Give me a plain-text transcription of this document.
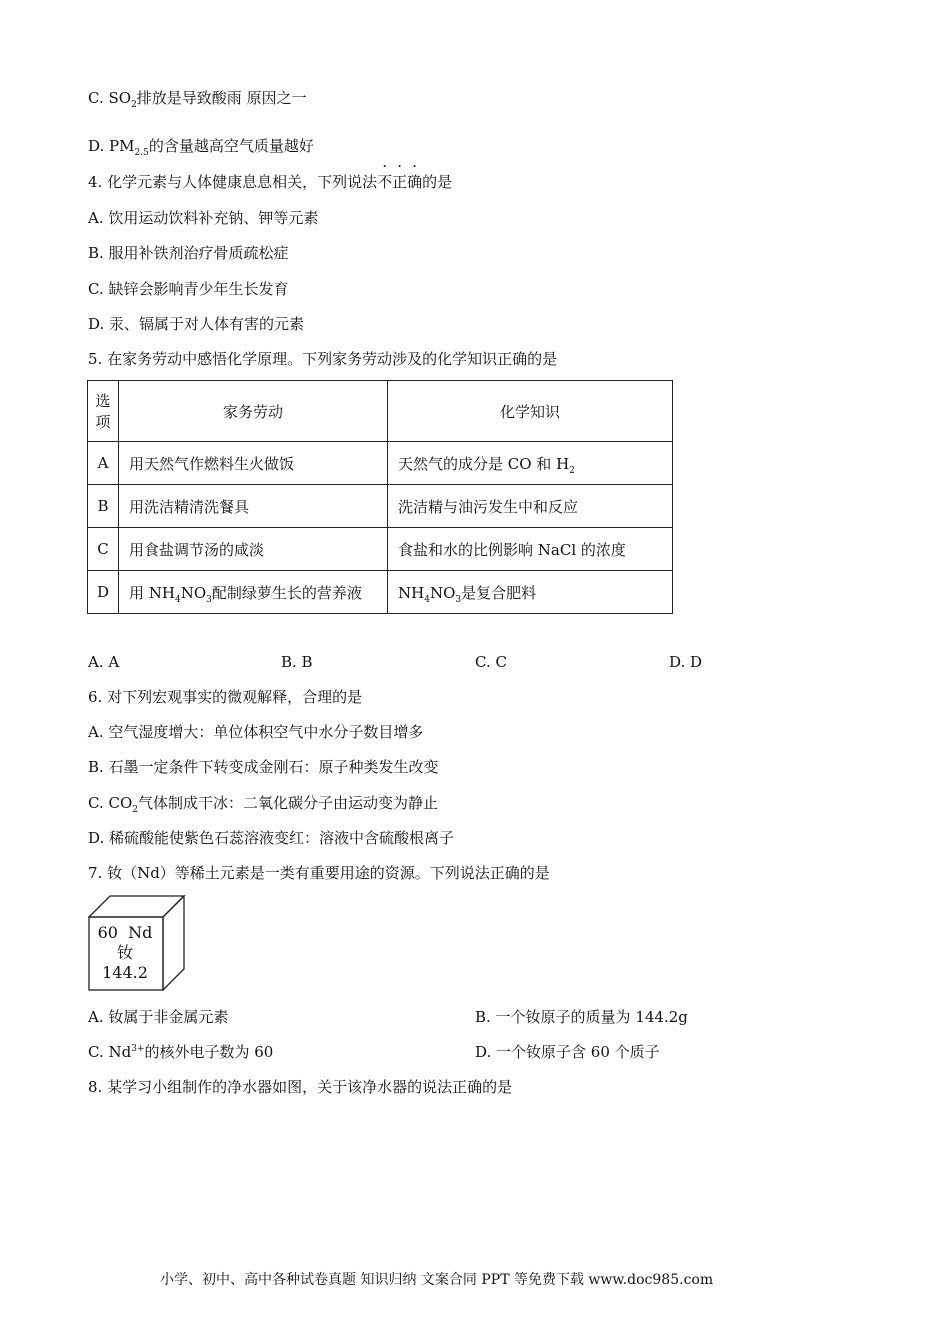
C. $SO_2$排放是导致酸雨 原因之一
D. $PM_{2.5}$的含量越高空气质量越好
4. 化学元素与人体健康息息相关，下列说法不正确的是
A. 饮用运动饮料补充钠、钾等元素
B. 服用补铁剂治疗骨质疏松症
C. 缺锌会影响青少年生长发育
D. 汞、镉属于对人体有害的元素
5. 在家务劳动中感悟化学原理。下列家务劳动涉及的化学知识正确的是
选
项	家务劳动	化学知识
A	用天然气作燃料生火做饭	天然气的成分是 CO 和 $H_2$
B	用洗洁精清洗餐具	洗洁精与油污发生中和反应
C	用食盐调节汤的咸淡	食盐和水的比例影响 NaCl 的浓度
D	用 $NH_4NO_3$配制绿萝生长的营养液	$NH_4NO_3$是复合肥料
A. A	B. B	C. C	D. D
6. 对下列宏观事实的微观解释，合理的是
A. 空气湿度增大：单位体积空气中水分子数目增多
B. 石墨一定条件下转变成金刚石：原子种类发生改变
C. $CO_2$气体制成干冰：二氧化碳分子由运动变为静止
D. 稀硫酸能使紫色石蕊溶液变红：溶液中含硫酸根离子
7. 钕（Nd）等稀土元素是一类有重要用途的资源。下列说法正确的是
60 Nd
钕
144.2
A. 钕属于非金属元素	B. 一个钕原子的质量为 144.2g
C. $Nd^{3+}$的核外电子数为 60	D. 一个钕原子含 60 个质子
8. 某学习小组制作的净水器如图，关于该净水器的说法正确的是
小学、初中、高中各种试卷真题 知识归纳 文案合同 PPT 等免费下载 www.doc985.com
